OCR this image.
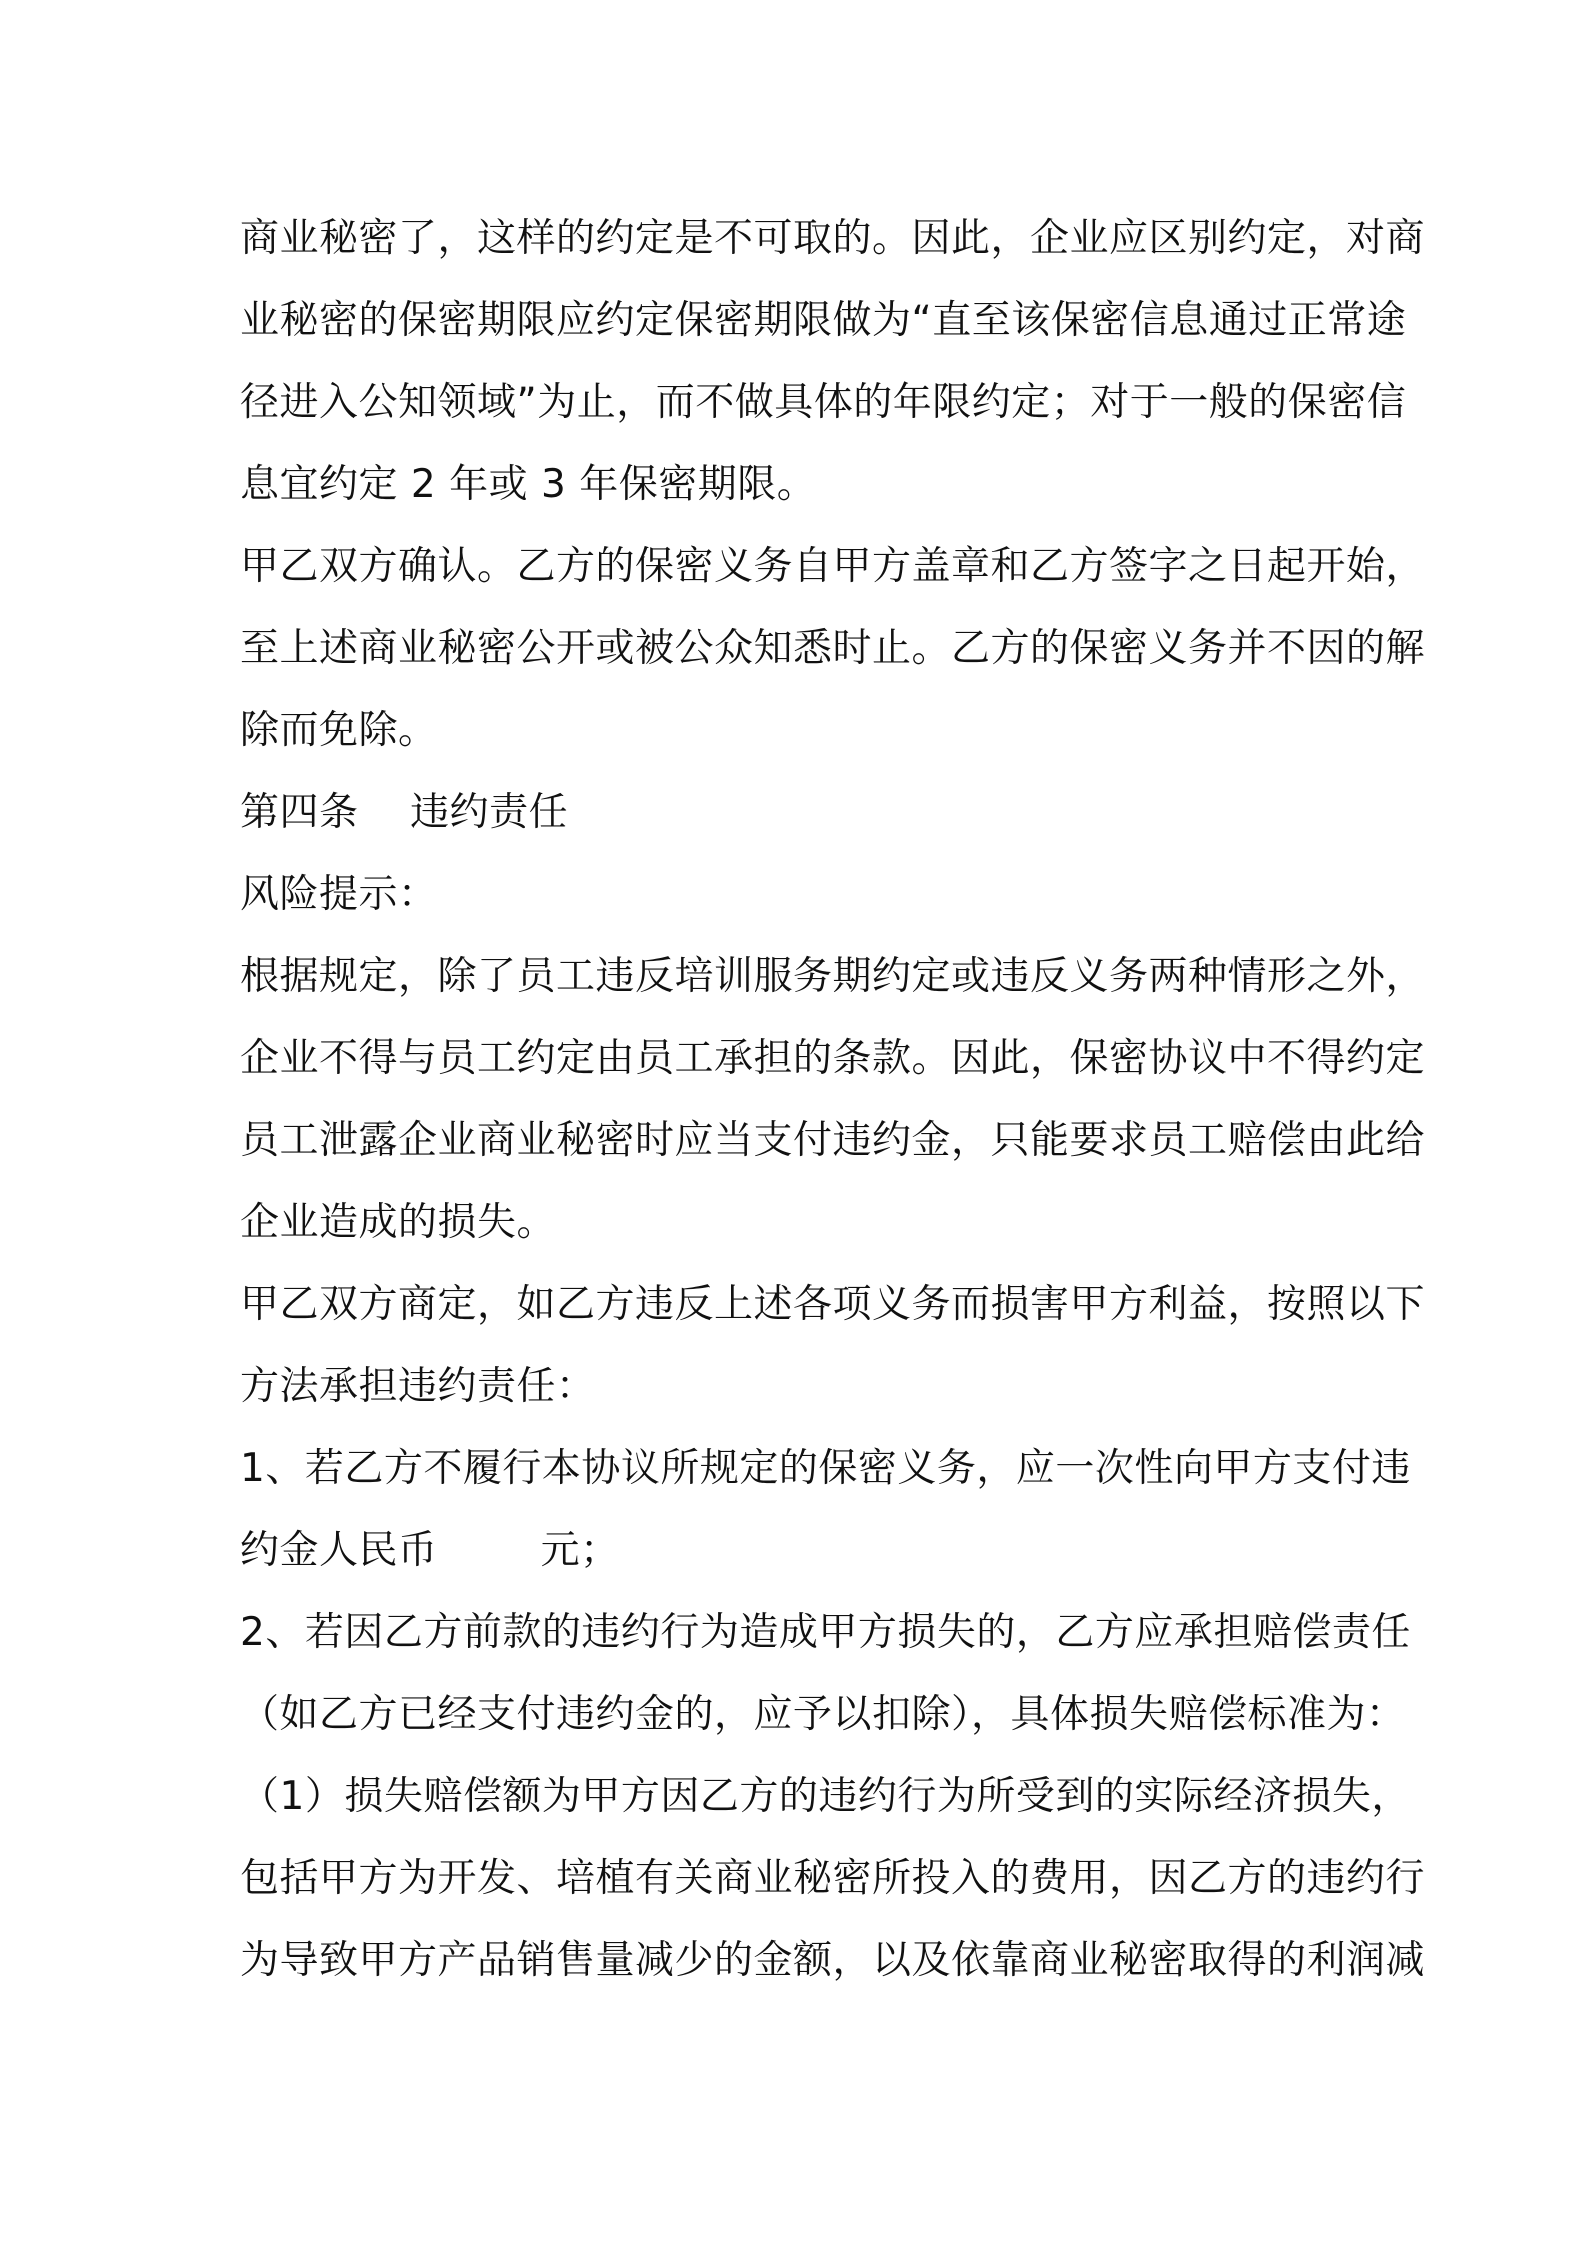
商业秘密了，这样的约定是不可取的。因此，企业应区别约定，对商
业秘密的保密期限应约定保密期限做为“直至该保密信息通过正常途
径进入公知领域”为止，而不做具体的年限约定；对于一般的保密信
息宜约定 2 年或 3 年保密期限。
甲乙双方确认。乙方的保密义务自甲方盖章和乙方签字之日起开始，
至上述商业秘密公开或被公众知悉时止。乙方的保密义务并不因的解
除而免除。
第四条    违约责任
风险提示：
根据规定，除了员工违反培训服务期约定或违反义务两种情形之外，
企业不得与员工约定由员工承担的条款。因此，保密协议中不得约定
员工泄露企业商业秘密时应当支付违约金，只能要求员工赔偿由此给
企业造成的损失。
甲乙双方商定，如乙方违反上述各项义务而损害甲方利益，按照以下
方法承担违约责任：
1、若乙方不履行本协议所规定的保密义务，应一次性向甲方支付违
约金人民币        元；
2、若因乙方前款的违约行为造成甲方损失的，乙方应承担赔偿责任
（如乙方已经支付违约金的，应予以扣除），具体损失赔偿标准为：
（1）损失赔偿额为甲方因乙方的违约行为所受到的实际经济损失，
包括甲方为开发、培植有关商业秘密所投入的费用，因乙方的违约行
为导致甲方产品销售量减少的金额，以及依靠商业秘密取得的利润减
